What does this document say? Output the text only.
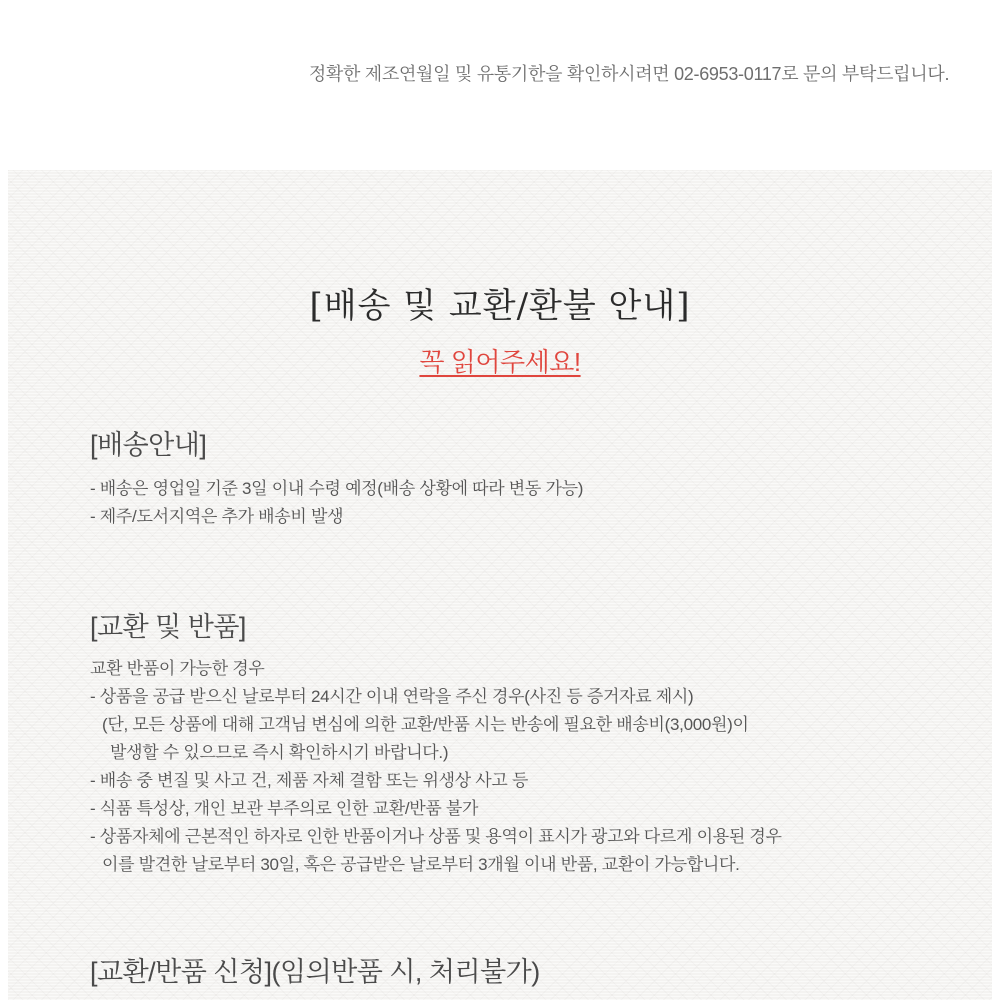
정확한 제조연월일 및 유통기한을 확인하시려면 02-6953-0117로 문의 부탁드립니다.
[배송 및 교환/환불 안내]
꼭 읽어주세요!
[배송안내]
- 배송은 영업일 기준 3일 이내 수령 예정(배송 상황에 따라 변동 가능)
- 제주/도서지역은 추가 배송비 발생
[교환 및 반품]
교환 반품이 가능한 경우
- 상품을 공급 받으신 날로부터 24시간 이내 연락을 주신 경우(사진 등 증거자료 제시)
(단, 모든 상품에 대해 고객님 변심에 의한 교환/반품 시는 반송에 필요한 배송비(3,000원)이
발생할 수 있으므로 즉시 확인하시기 바랍니다.)
- 배송 중 변질 및 사고 건, 제품 자체 결함 또는 위생상 사고 등
- 식품 특성상, 개인 보관 부주의로 인한 교환/반품 불가
- 상품자체에 근본적인 하자로 인한 반품이거나 상품 및 용역이 표시가 광고와 다르게 이용된 경우
이를 발견한 날로부터 30일, 혹은 공급받은 날로부터 3개월 이내 반품, 교환이 가능합니다.
[교환/반품 신청](임의반품 시, 처리불가)
